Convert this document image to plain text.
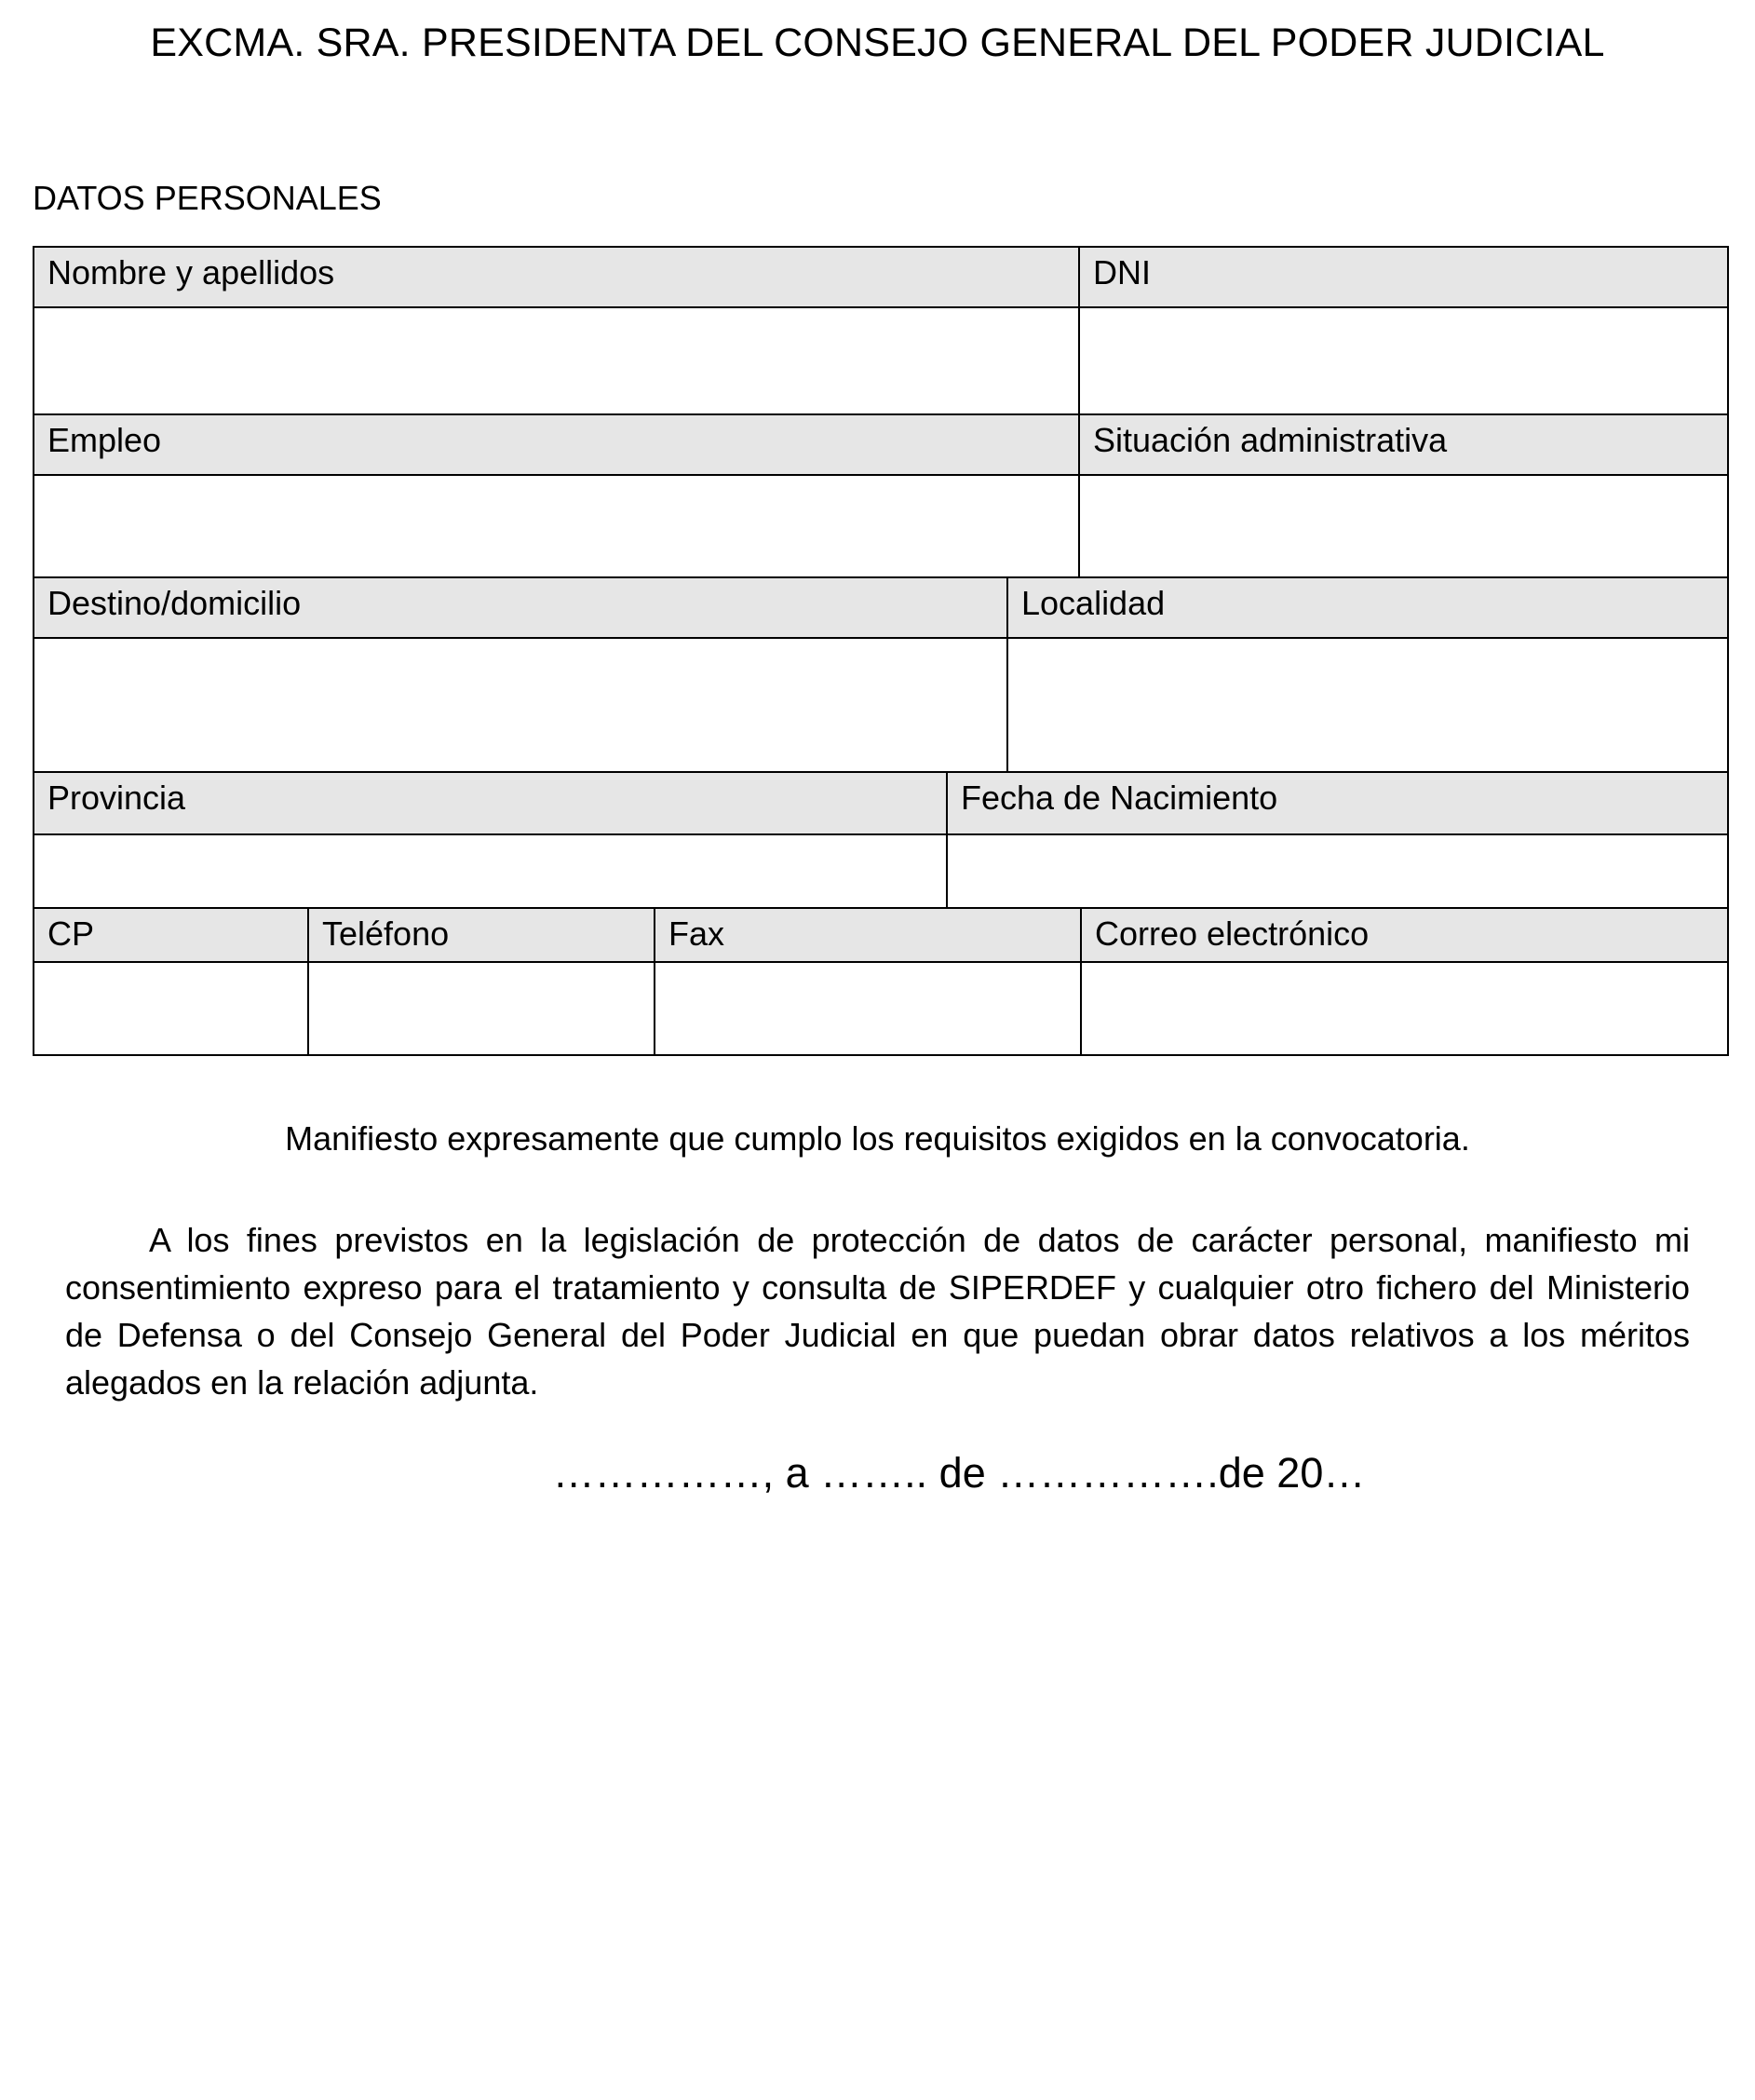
EXCMA. SRA. PRESIDENTA DEL CONSEJO GENERAL DEL PODER JUDICIAL
DATOS PERSONALES
Nombre y apellidos	DNI
Empleo	Situación administrativa
Destino/domicilio	Localidad
Provincia	Fecha de Nacimiento
CP	Teléfono	Fax	Correo electrónico
Manifiesto expresamente que cumplo los requisitos exigidos en la convocatoria.
A los fines previstos en la legislación de protección de datos de carácter personal, manifiesto mi consentimiento expreso para el tratamiento y consulta de SIPERDEF y cualquier otro fichero del Ministerio de Defensa o del Consejo General del Poder Judicial en que puedan obrar datos relativos a los méritos alegados en la relación adjunta.
……………, a …….. de …………….de 20…
